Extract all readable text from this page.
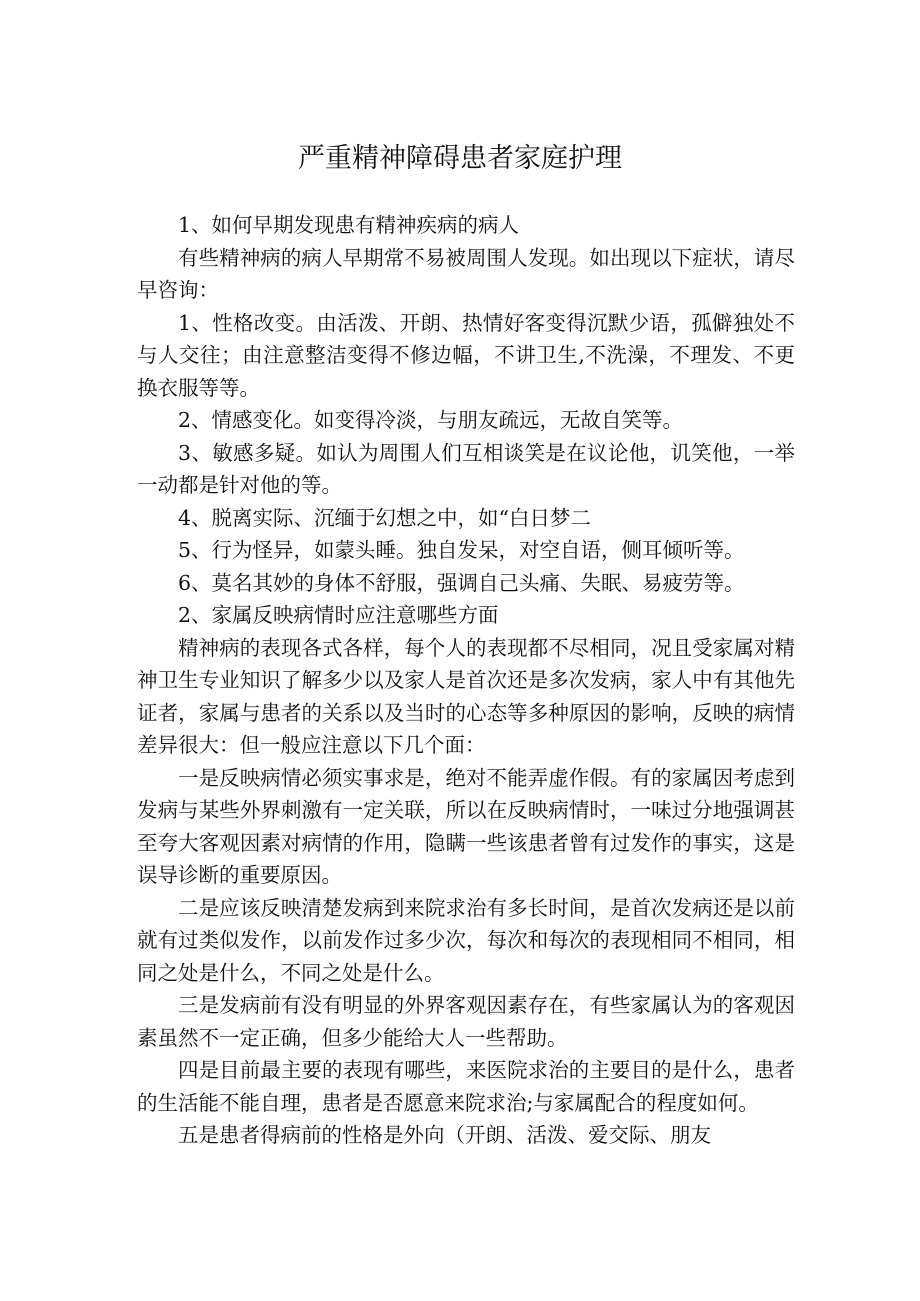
严重精神障碍患者家庭护理

1、如何早期发现患有精神疾病的病人

有些精神病的病人早期常不易被周围人发现。如出现以下症状，请尽早咨询：

1、性格改变。由活泼、开朗、热情好客变得沉默少语，孤僻独处不与人交往；由注意整洁变得不修边幅，不讲卫生,不洗澡，不理发、不更换衣服等等。

2、情感变化。如变得冷淡，与朋友疏远，无故自笑等。

3、敏感多疑。如认为周围人们互相谈笑是在议论他，讥笑他，一举一动都是针对他的等。

4、脱离实际、沉缅于幻想之中，如“白日梦二

5、行为怪异，如蒙头睡。独自发呆，对空自语，侧耳倾听等。

6、莫名其妙的身体不舒服，强调自己头痛、失眠、易疲劳等。

2、家属反映病情时应注意哪些方面

精神病的表现各式各样，每个人的表现都不尽相同，况且受家属对精神卫生专业知识了解多少以及家人是首次还是多次发病，家人中有其他先证者，家属与患者的关系以及当时的心态等多种原因的影响，反映的病情差异很大：但一般应注意以下几个面：

一是反映病情必须实事求是，绝对不能弄虚作假。有的家属因考虑到发病与某些外界刺激有一定关联，所以在反映病情时，一味过分地强调甚至夸大客观因素对病情的作用，隐瞒一些该患者曾有过发作的事实，这是误导诊断的重要原因。

二是应该反映清楚发病到来院求治有多长时间，是首次发病还是以前就有过类似发作，以前发作过多少次，每次和每次的表现相同不相同，相同之处是什么，不同之处是什么。

三是发病前有没有明显的外界客观因素存在，有些家属认为的客观因素虽然不一定正确，但多少能给大人一些帮助。

四是目前最主要的表现有哪些，来医院求治的主要目的是什么，患者的生活能不能自理，患者是否愿意来院求治;与家属配合的程度如何。

五是患者得病前的性格是外向（开朗、活泼、爱交际、朋友
